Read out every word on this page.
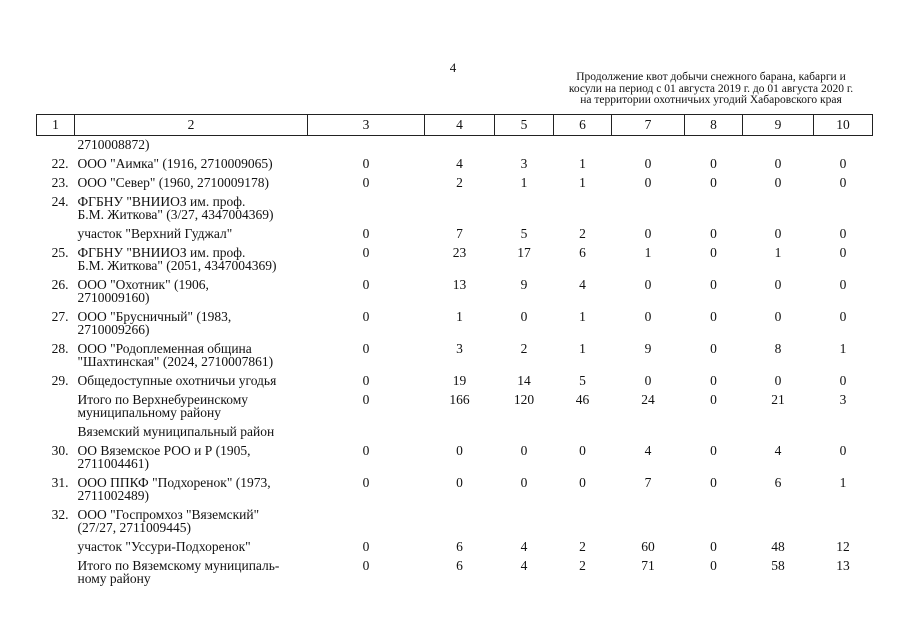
4
Продолжение квот добычи снежного барана, кабарги и
косули на период с 01 августа 2019 г. до 01 августа 2020 г.
на территории охотничьих угодий Хабаровского края
1	2	3	4	5	6	7	8	9	10
	2710008872)								
22.	ООО "Аимка" (1916, 2710009065)	0	4	3	1	0	0	0	0
23.	ООО "Север" (1960, 2710009178)	0	2	1	1	0	0	0	0
24.	ФГБНУ "ВНИИОЗ им. проф.
Б.М. Житкова" (3/27, 4347004369)								
	участок "Верхний Гуджал"	0	7	5	2	0	0	0	0
25.	ФГБНУ "ВНИИОЗ им. проф.
Б.М. Житкова" (2051, 4347004369)	0	23	17	6	1	0	1	0
26.	ООО "Охотник" (1906,
2710009160)	0	13	9	4	0	0	0	0
27.	ООО "Брусничный" (1983,
2710009266)	0	1	0	1	0	0	0	0
28.	ООО "Родоплеменная община
"Шахтинская" (2024, 2710007861)	0	3	2	1	9	0	8	1
29.	Общедоступные охотничьи угодья	0	19	14	5	0	0	0	0
	Итого по Верхнебуреинскому
муниципальному району	0	166	120	46	24	0	21	3
	Вяземский муниципальный район								
30.	ОО Вяземское РОО и Р (1905,
2711004461)	0	0	0	0	4	0	4	0
31.	ООО ППКФ "Подхоренок" (1973,
2711002489)	0	0	0	0	7	0	6	1
32.	ООО "Госпромхоз "Вяземский"
(27/27, 2711009445)								
	участок "Уссури-Подхоренок"	0	6	4	2	60	0	48	12
	Итого по Вяземскому муниципаль-
ному району	0	6	4	2	71	0	58	13
